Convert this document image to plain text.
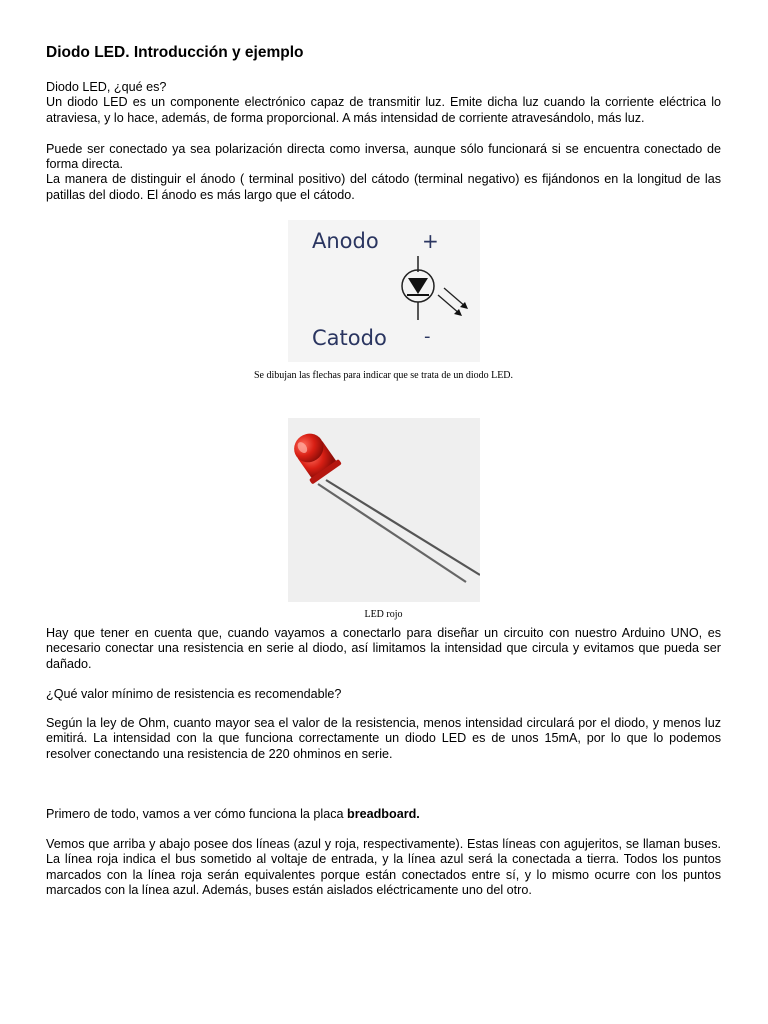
Diodo LED. Introducción y ejemplo

Diodo LED, ¿qué es?

Un diodo LED es un componente electrónico capaz de transmitir luz. Emite dicha luz cuando la corriente eléctrica lo atraviesa, y lo hace, además, de forma proporcional. A más intensidad de corriente atravesándolo, más luz.

Puede ser conectado ya sea polarización directa como inversa, aunque sólo funcionará si se encuentra conectado de forma directa.

La manera de distinguir el ánodo ( terminal positivo) del cátodo (terminal negativo) es fijándonos en la longitud de las patillas del diodo. El ánodo es más largo que el cátodo.

Anodo +
Catodo -
Se dibujan las flechas para indicar que se trata de un diodo LED.
LED rojo

Hay que tener en cuenta que, cuando vayamos a conectarlo para diseñar un circuito con nuestro Arduino UNO, es necesario conectar una resistencia en serie al diodo, así limitamos la intensidad que circula y evitamos que pueda ser dañado.

¿Qué valor mínimo de resistencia es recomendable?

Según la ley de Ohm, cuanto mayor sea el valor de la resistencia, menos intensidad circulará por el diodo, y menos luz emitirá. La intensidad con la que funciona correctamente un diodo LED es de unos 15mA, por lo que lo podemos resolver conectando una resistencia de 220 ohminos en serie.

Primero de todo, vamos a ver cómo funciona la placa breadboard.

Vemos que arriba y abajo posee dos líneas (azul y roja, respectivamente). Estas líneas con agujeritos, se llaman buses. La línea roja indica el bus sometido al voltaje de entrada, y la línea azul será la conectada a tierra. Todos los puntos marcados con la línea roja serán equivalentes porque están conectados entre sí, y lo mismo ocurre con los puntos marcados con la línea azul. Además, buses están aislados eléctricamente uno del otro.
